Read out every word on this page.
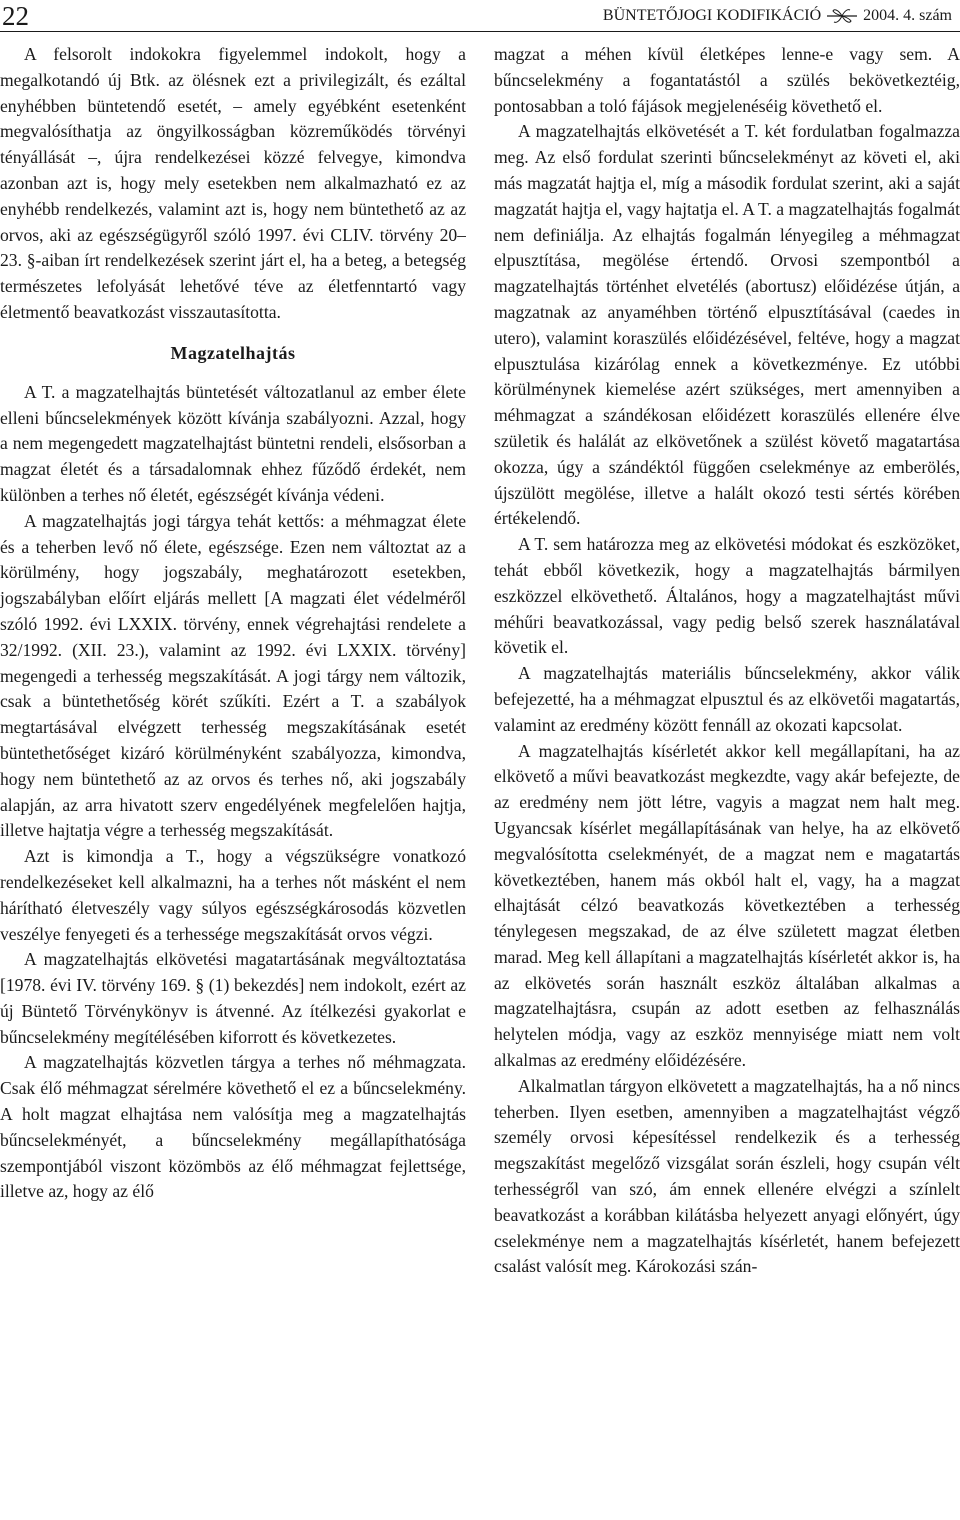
22	BÜNTETŐJOGI KODIFIKÁCIÓ	2004. 4. szám

A felsorolt indokokra figyelemmel indokolt, hogy a megalkotandó új Btk. az ölésnek ezt a privilegizált, és ezáltal enyhébben büntetendő esetét, – amely egyébként esetenként megvalósíthatja az öngyilkosságban közreműködés törvényi tényállását –, újra rendelkezései közzé felvegye, kimondva azonban azt is, hogy mely esetekben nem alkalmazható ez az enyhébb rendelkezés, valamint azt is, hogy nem büntethető az az orvos, aki az egészségügyről szóló 1997. évi CLIV. törvény 20–23. §-aiban írt rendelkezések szerint járt el, ha a beteg, a betegség természetes lefolyását lehetővé téve az életfenntartó vagy életmentő beavatkozást visszautasította.

Magzatelhajtás

A T. a magzatelhajtás büntetését változatlanul az ember élete elleni bűncselekmények között kívánja szabályozni. Azzal, hogy a nem megengedett magzatelhajtást büntetni rendeli, elsősorban a magzat életét és a társadalomnak ehhez fűződő érdekét, nem különben a terhes nő életét, egészségét kívánja védeni.

A magzatelhajtás jogi tárgya tehát kettős: a méhmagzat élete és a teherben levő nő élete, egészsége. Ezen nem változtat az a körülmény, hogy jogszabály, meghatározott esetekben, jogszabályban előírt eljárás mellett [A magzati élet védelméről szóló 1992. évi LXXIX. törvény, ennek végrehajtási rendelete a 32/1992. (XII. 23.), valamint az 1992. évi LXXIX. törvény] megengedi a terhesség megszakítását. A jogi tárgy nem változik, csak a büntethetőség körét szűkíti. Ezért a T. a szabályok megtartásával elvégzett terhesség megszakításának esetét büntethetőséget kizáró körülményként szabályozza, kimondva, hogy nem büntethető az az orvos és terhes nő, aki jogszabály alapján, az arra hivatott szerv engedélyének megfelelően hajtja, illetve hajtatja végre a terhesség megszakítását.

Azt is kimondja a T., hogy a végszükségre vonatkozó rendelkezéseket kell alkalmazni, ha a terhes nőt másként el nem hárítható életveszély vagy súlyos egészségkárosodás közvetlen veszélye fenyegeti és a terhessége megszakítását orvos végzi.

A magzatelhajtás elkövetési magatartásának megváltoztatása [1978. évi IV. törvény 169. § (1) bekezdés] nem indokolt, ezért az új Büntető Törvénykönyv is átvenné. Az ítélkezési gyakorlat e bűncselekmény megítélésében kiforrott és következetes.

A magzatelhajtás közvetlen tárgya a terhes nő méhmagzata. Csak élő méhmagzat sérelmére követhető el ez a bűncselekmény. A holt magzat elhajtása nem valósítja meg a magzatelhajtás bűncselekményét, a bűncselekmény megállapíthatósága szempontjából viszont közömbös az élő méhmagzat fejlettsége, illetve az, hogy az élő

magzat a méhen kívül életképes lenne-e vagy sem. A bűncselekmény a fogantatástól a szülés bekövetkeztéig, pontosabban a toló fájások megjelenéséig követhető el.

A magzatelhajtás elkövetését a T. két fordulatban fogalmazza meg. Az első fordulat szerinti bűncselekményt az követi el, aki más magzatát hajtja el, míg a második fordulat szerint, aki a saját magzatát hajtja el, vagy hajtatja el. A T. a magzatelhajtás fogalmát nem definiálja. Az elhajtás fogalmán lényegileg a méhmagzat elpusztítása, megölése értendő. Orvosi szempontból a magzatelhajtás történhet elvetélés (abortusz) előidézése útján, a magzatnak az anyaméhben történő elpusztításával (caedes in utero), valamint koraszülés előidézésével, feltéve, hogy a magzat elpusztulása kizárólag ennek a következménye. Ez utóbbi körülménynek kiemelése azért szükséges, mert amennyiben a méhmagzat a szándékosan előidézett koraszülés ellenére élve születik és halálát az elkövetőnek a szülést követő magatartása okozza, úgy a szándéktól függően cselekménye az emberölés, újszülött megölése, illetve a halált okozó testi sértés körében értékelendő.

A T. sem határozza meg az elkövetési módokat és eszközöket, tehát ebből következik, hogy a magzatelhajtás bármilyen eszközzel elkövethető. Általános, hogy a magzatelhajtást művi méhűri beavatkozással, vagy pedig belső szerek használatával követik el.

A magzatelhajtás materiális bűncselekmény, akkor válik befejezetté, ha a méhmagzat elpusztul és az elkövetői magatartás, valamint az eredmény között fennáll az okozati kapcsolat.

A magzatelhajtás kísérletét akkor kell megállapítani, ha az elkövető a művi beavatkozást megkezdte, vagy akár befejezte, de az eredmény nem jött létre, vagyis a magzat nem halt meg. Ugyancsak kísérlet megállapításának van helye, ha az elkövető megvalósította cselekményét, de a magzat nem e magatartás következtében, hanem más okból halt el, vagy, ha a magzat elhajtását célzó beavatkozás következtében a terhesség ténylegesen megszakad, de az élve született magzat életben marad. Meg kell állapítani a magzatelhajtás kísérletét akkor is, ha az elkövetés során használt eszköz általában alkalmas a magzatelhajtásra, csupán az adott esetben az felhasználás helytelen módja, vagy az eszköz mennyisége miatt nem volt alkalmas az eredmény előidézésére.

Alkalmatlan tárgyon elkövetett a magzatelhajtás, ha a nő nincs teherben. Ilyen esetben, amennyiben a magzatelhajtást végző személy orvosi képesítéssel rendelkezik és a terhesség megszakítást megelőző vizsgálat során észleli, hogy csupán vélt terhességről van szó, ám ennek ellenére elvégzi a színlelt beavatkozást a korábban kilátásba helyezett anyagi előnyért, úgy cselekménye nem a magzatelhajtás kísérletét, hanem befejezett csalást valósít meg. Károkozási szán-
